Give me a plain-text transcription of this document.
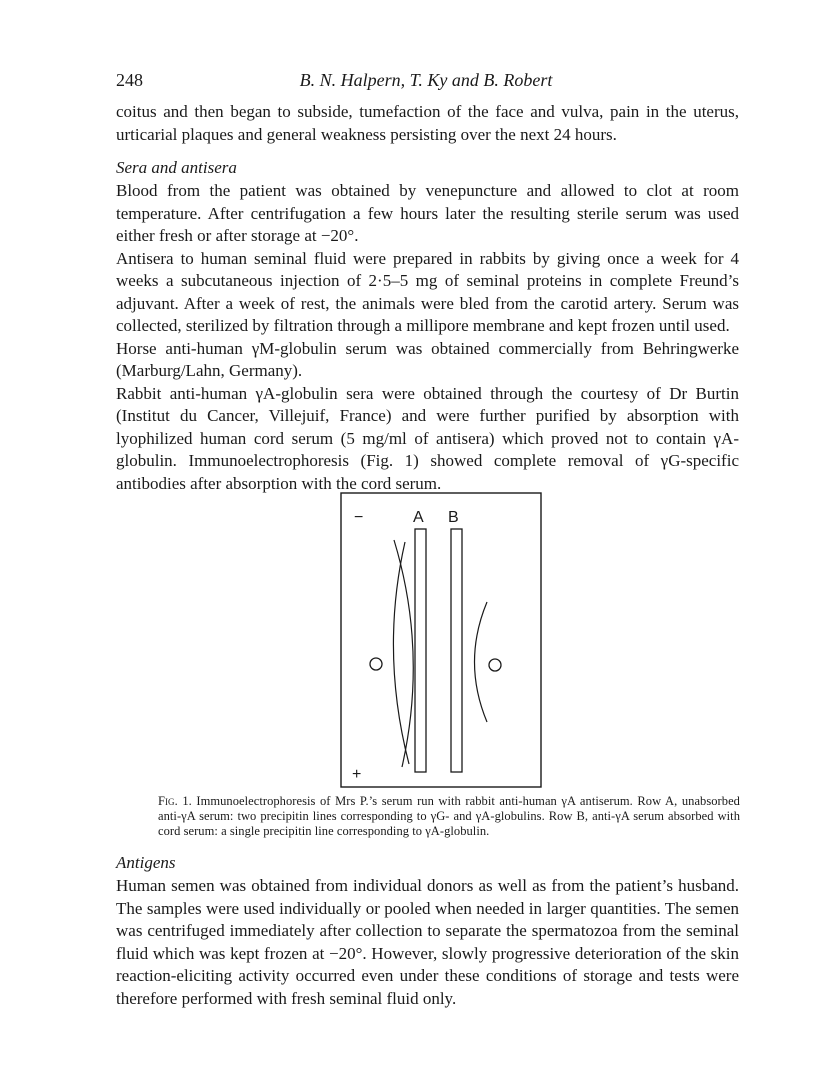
248	B. N. Halpern, T. Ky and B. Robert

coitus and then began to subside, tumefaction of the face and vulva, pain in the uterus, urticarial plaques and general weakness persisting over the next 24 hours.

Sera and antisera

Blood from the patient was obtained by venepuncture and allowed to clot at room temperature. After centrifugation a few hours later the resulting sterile serum was used either fresh or after storage at −20°.

Antisera to human seminal fluid were prepared in rabbits by giving once a week for 4 weeks a subcutaneous injection of 2·5–5 mg of seminal proteins in complete Freund’s adjuvant. After a week of rest, the animals were bled from the carotid artery. Serum was collected, sterilized by filtration through a millipore membrane and kept frozen until used.

Horse anti-human γM-globulin serum was obtained commercially from Behringwerke (Marburg/Lahn, Germany).

Rabbit anti-human γA-globulin sera were obtained through the courtesy of Dr Burtin (Institut du Cancer, Villejuif, France) and were further purified by absorption with lyophilized human cord serum (5 mg/ml of antisera) which proved not to contain γA-globulin. Immunoelectrophoresis (Fig. 1) showed complete removal of γG-specific antibodies after absorption with the cord serum.

−	A B
+
Fig. 1. Immunoelectrophoresis of Mrs P.’s serum run with rabbit anti-human γA antiserum. Row A, unabsorbed anti-γA serum: two precipitin lines corresponding to γG- and γA-globulins. Row B, anti-γA serum absorbed with cord serum: a single precipitin line corresponding to γA-globulin.
Antigens

Human semen was obtained from individual donors as well as from the patient’s husband. The samples were used individually or pooled when needed in larger quantities. The semen was centrifuged immediately after collection to separate the spermatozoa from the seminal fluid which was kept frozen at −20°. However, slowly progressive deterioration of the skin reaction-eliciting activity occurred even under these conditions of storage and tests were therefore performed with fresh seminal fluid only.
